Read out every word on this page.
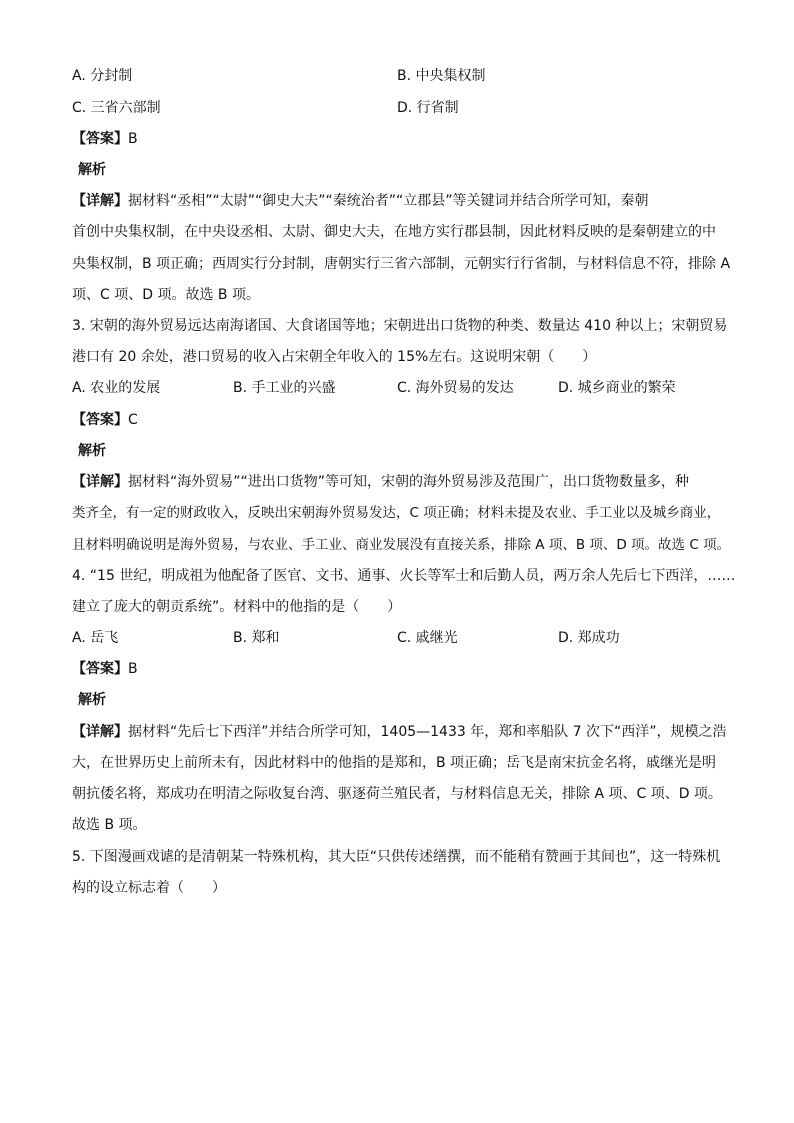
A. 分封制	B. 中央集权制
C. 三省六部制	D. 行省制
【答案】B
解析
【详解】据材料“丞相”“太尉”“御史大夫”“秦统治者”“立郡县”等关键词并结合所学可知，秦朝
首创中央集权制，在中央设丞相、太尉、御史大夫，在地方实行郡县制，因此材料反映的是秦朝建立的中
央集权制，B 项正确；西周实行分封制，唐朝实行三省六部制，元朝实行行省制，与材料信息不符，排除 A
项、C 项、D 项。故选 B 项。
3. 宋朝的海外贸易远达南海诸国、大食诸国等地；宋朝进出口货物的种类、数量达 410 种以上；宋朝贸易
港口有 20 余处，港口贸易的收入占宋朝全年收入的 15%左右。这说明宋朝（　　）
A. 农业的发展	B. 手工业的兴盛	C. 海外贸易的发达	D. 城乡商业的繁荣
【答案】C
解析
【详解】据材料“海外贸易”“进出口货物”等可知，宋朝的海外贸易涉及范围广，出口货物数量多，种
类齐全，有一定的财政收入，反映出宋朝海外贸易发达，C 项正确；材料未提及农业、手工业以及城乡商业，
且材料明确说明是海外贸易，与农业、手工业、商业发展没有直接关系，排除 A 项、B 项、D 项。故选 C 项。
4. “15 世纪，明成祖为他配备了医官、文书、通事、火长等军士和后勤人员，两万余人先后七下西洋，……
建立了庞大的朝贡系统”。材料中的他指的是（　　）
A. 岳飞	B. 郑和	C. 戚继光	D. 郑成功
【答案】B
解析
【详解】据材料“先后七下西洋”并结合所学可知，1405—1433 年，郑和率船队 7 次下“西洋”，规模之浩
大，在世界历史上前所未有，因此材料中的他指的是郑和，B 项正确；岳飞是南宋抗金名将，戚继光是明
朝抗倭名将，郑成功在明清之际收复台湾、驱逐荷兰殖民者，与材料信息无关，排除 A 项、C 项、D 项。
故选 B 项。
5. 下图漫画戏谑的是清朝某一特殊机构，其大臣“只供传述缮撰，而不能稍有赞画于其间也”，这一特殊机
构的设立标志着（　　）
